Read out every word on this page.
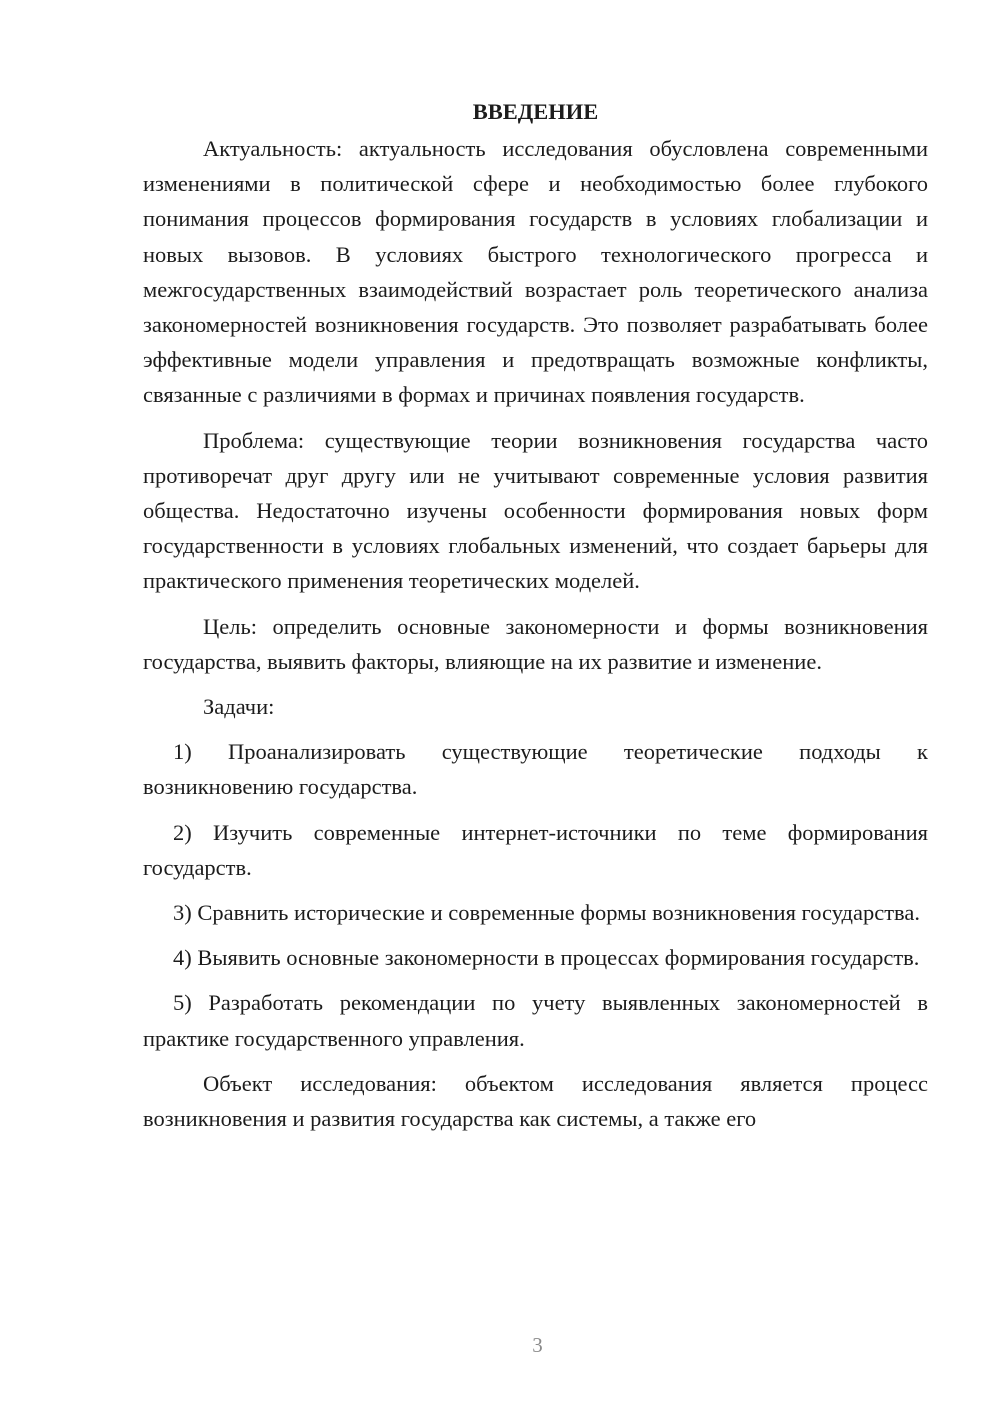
ВВЕДЕНИЕ

Актуальность: актуальность исследования обусловлена современными изменениями в политической сфере и необходимостью более глубокого понимания процессов формирования государств в условиях глобализации и новых вызовов. В условиях быстрого технологического прогресса и межгосударственных взаимодействий возрастает роль теоретического анализа закономерностей возникновения государств. Это позволяет разрабатывать более эффективные модели управления и предотвращать возможные конфликты, связанные с различиями в формах и причинах появления государств.

Проблема: существующие теории возникновения государства часто противоречат друг другу или не учитывают современные условия развития общества. Недостаточно изучены особенности формирования новых форм государственности в условиях глобальных изменений, что создает барьеры для практического применения теоретических моделей.

Цель: определить основные закономерности и формы возникновения государства, выявить факторы, влияющие на их развитие и изменение.

Задачи:

1) Проанализировать существующие теоретические подходы к возникновению государства.

2) Изучить современные интернет-источники по теме формирования государств.

3) Сравнить исторические и современные формы возникновения государства.

4) Выявить основные закономерности в процессах формирования государств.

5) Разработать рекомендации по учету выявленных закономерностей в практике государственного управления.

Объект исследования: объектом исследования является процесс возникновения и развития государства как системы, а также его

3
